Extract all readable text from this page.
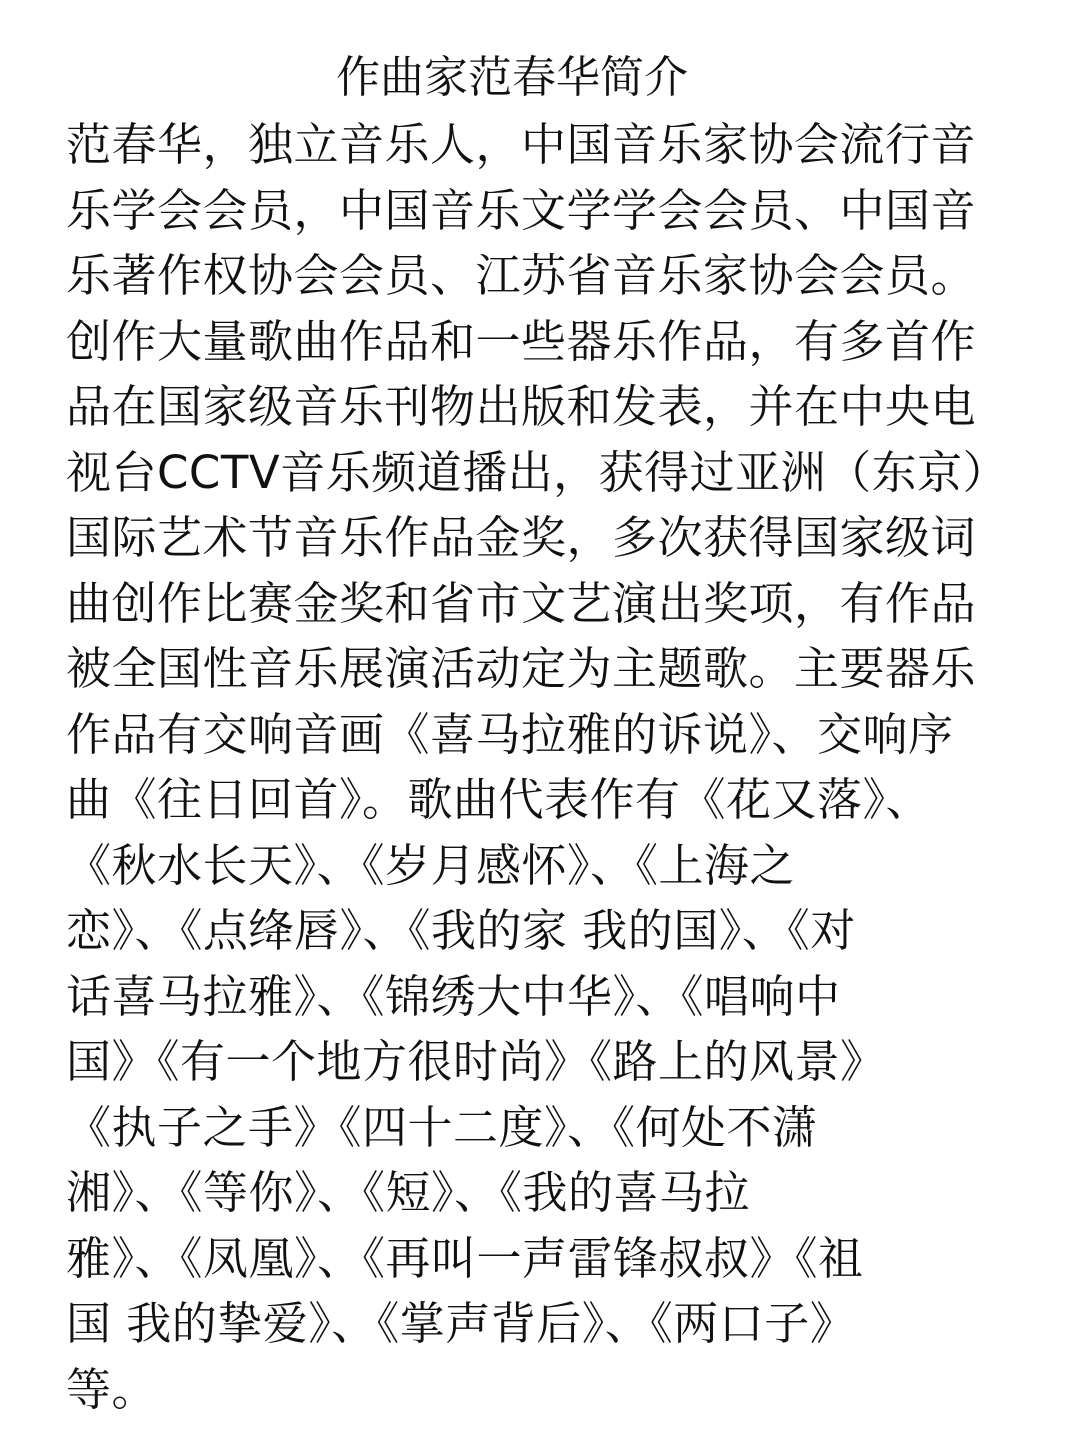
作曲家范春华简介
范春华，独立音乐人，中国音乐家协会流行音
乐学会会员，中国音乐文学学会会员、中国音
乐著作权协会会员、江苏省音乐家协会会员。
创作大量歌曲作品和一些器乐作品，有多首作
品在国家级音乐刊物出版和发表，并在中央电
视台CCTV音乐频道播出，获得过亚洲（东京）
国际艺术节音乐作品金奖，多次获得国家级词
曲创作比赛金奖和省市文艺演出奖项，有作品
被全国性音乐展演活动定为主题歌。主要器乐
作品有交响音画《喜马拉雅的诉说》、交响序
曲《往日回首》。歌曲代表作有《花又落》、
《秋水长天》、《岁月感怀》、《上海之
恋》、《点绛唇》、《我的家 我的国》、《对
话喜马拉雅》、《锦绣大中华》、《唱响中
国》《有一个地方很时尚》《路上的风景》
《执子之手》《四十二度》、《何处不潇
湘》、《等你》、《短》、《我的喜马拉
雅》、《凤凰》、《再叫一声雷锋叔叔》《祖
国 我的挚爱》、《掌声背后》、《两口子》
等。
